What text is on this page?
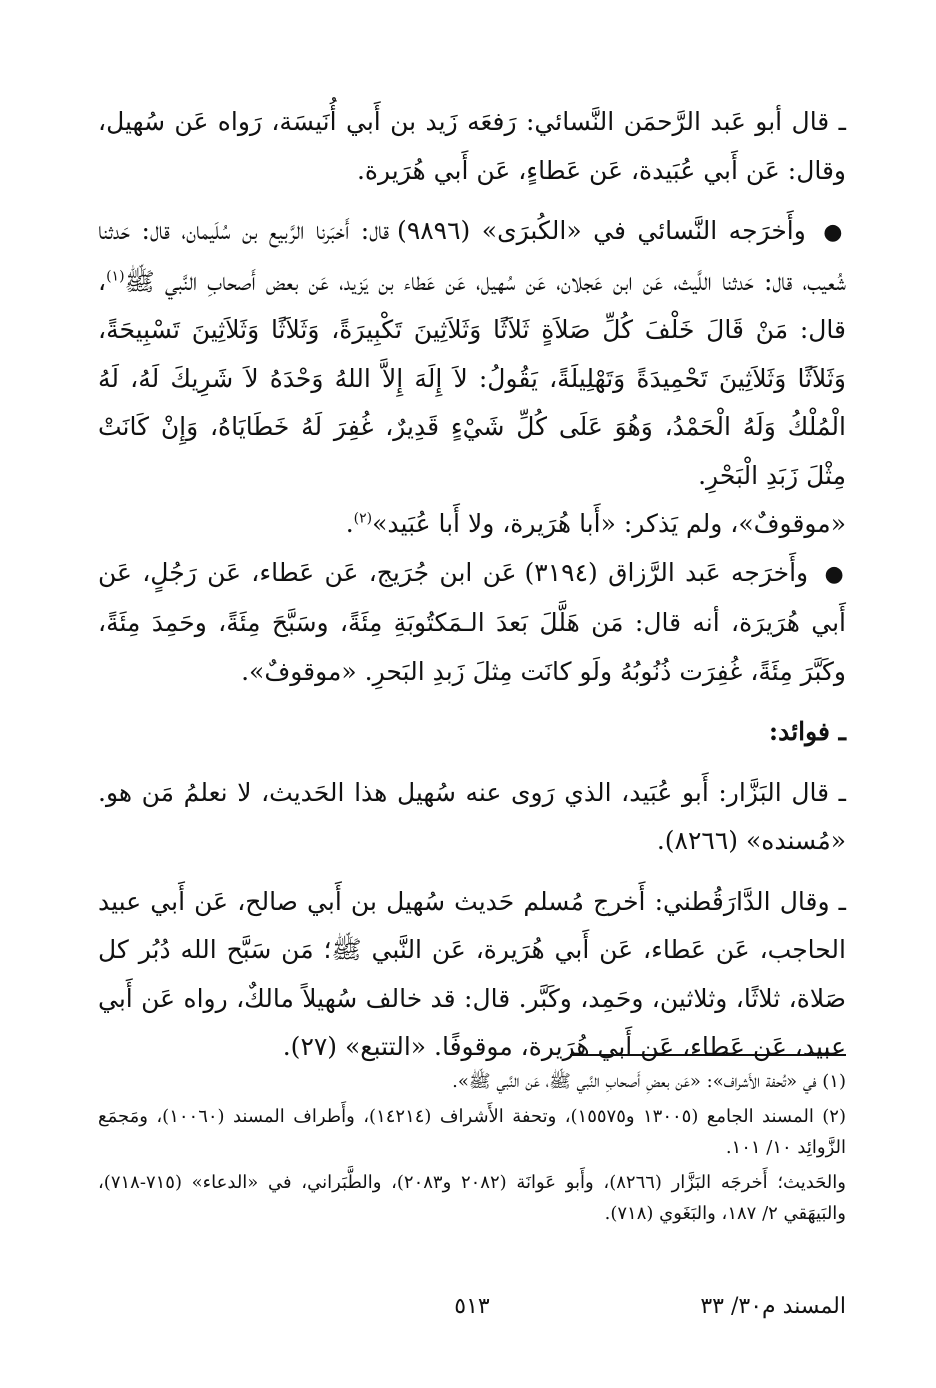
ـ قال أبو عَبد الرَّحمَن النَّسائي: رَفعَه زَيد بن أَبي أُنَيسَة، رَواه عَن سُهيل، وقال: عَن أَبي عُبَيدة، عَن عَطاءٍ، عَن أَبي هُرَيرة.

● وأَخرَجه النَّسائي في «الكُبرَى» (٩٨٩٦) قال: أَخبَرنا الرَّبيع بن سُلَيمان، قال: حَدثنا شُعيب، قال: حَدثنا اللَّيث، عَن ابن عَجلان، عَن سُهيل، عَن عَطاء بن يَزيد، عَن بعض أَصحابِ النَّبي ﷺ$^{(١)}$، قال: مَنْ قَالَ خَلْفَ كُلِّ صَلاَةٍ ثَلاَثًا وَثَلاَثِينَ تَكْبِيرَةً، وَثَلاَثًا وَثَلاَثِينَ تَسْبِيحَةً، وَثَلاَثًا وَثَلاَثِينَ تَحْمِيدَةً وَتَهْلِيلَةً، يَقُولُ: لاَ إِلَهَ إِلاَّ اللهُ وَحْدَهُ لاَ شَرِيكَ لَهُ، لَهُ الْمُلْكُ وَلَهُ الْحَمْدُ، وَهُوَ عَلَى كُلِّ شَيْءٍ قَدِيرٌ، غُفِرَ لَهُ خَطَايَاهُ، وَإِنْ كَانَتْ مِثْلَ زَبَدِ الْبَحْرِ.

«موقوفٌ»، ولم يَذكر: «أَبا هُرَيرة، ولا أَبا عُبَيد»$^{(٢)}$.

● وأَخرَجه عَبد الرَّزاق (٣١٩٤) عَن ابن جُرَيج، عَن عَطاء، عَن رَجُلٍ، عَن أَبي هُرَيرَة، أنه قال: مَن هَلَّلَ بَعدَ الـمَكتُوبَةِ مِئَةً، وسَبَّحَ مِئَةً، وحَمِدَ مِئَةً، وكَبَّرَ مِئَةً، غُفِرَت ذُنُوبُهُ ولَو كانَت مِثلَ زَبدِ البَحرِ. «موقوفٌ».

ـ فوائد:

ـ قال البَزَّار: أَبو عُبَيد، الذي رَوى عنه سُهيل هذا الحَديث، لا نعلمُ مَن هو. «مُسنده» (٨٢٦٦).

ـ وقال الدَّارَقُطني: أَخرج مُسلم حَديث سُهيل بن أَبي صالح، عَن أَبي عبيد الحاجب، عَن عَطاء، عَن أَبي هُرَيرة، عَن النَّبي ﷺ؛ مَن سَبَّح الله دُبُر كل صَلاة، ثلاثًا، وثلاثين، وحَمِد، وكَبَّر. قال: قد خالف سُهيلاً مالكٌ، رواه عَن أَبي عبيد، عَن عَطاء، عَن أَبي هُرَيرة، موقوفًا. «التتبع» (٢٧).

(١) في «تُحفة الأَشراف»: «عَن بعضِ أَصحابِ النَّبي ﷺ، عَن النَّبي ﷺ».

(٢) المسند الجامع (١٣٠٠٥ و١٥٥٧٥)، وتحفة الأَشراف (١٤٢١٤)، وأَطراف المسند (١٠٠٦٠)، ومَجمَع الزَّوائِد ١٠/ ١٠١.

والحَديث؛ أَخرجَه البَزَّار (٨٢٦٦)، وأَبو عَوانَة (٢٠٨٢ و٢٠٨٣)، والطَّبَراني، في «الدعاء» (٧١٥-٧١٨)، والبَيهَقي ٢/ ١٨٧، والبَغَوي (٧١٨).

المسند م٣٠/ ٣٣
٥١٣
